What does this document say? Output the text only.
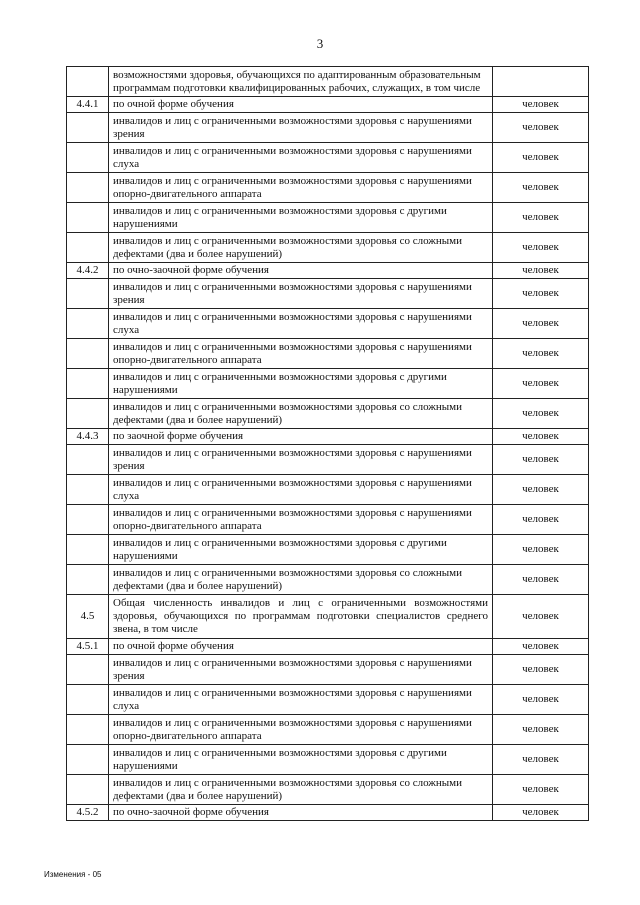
3
	возможностями здоровья, обучающихся по адаптированным образовательным программам подготовки квалифицированных рабочих, служащих, в том числе	
4.4.1	по очной форме обучения	человек
	инвалидов и лиц с ограниченными возможностями здоровья с нарушениями зрения	человек
	инвалидов и лиц с ограниченными возможностями здоровья с нарушениями слуха	человек
	инвалидов и лиц с ограниченными возможностями здоровья с нарушениями опорно-двигательного аппарата	человек
	инвалидов и лиц с ограниченными возможностями здоровья с другими нарушениями	человек
	инвалидов и лиц с ограниченными возможностями здоровья со сложными дефектами (два и более нарушений)	человек
4.4.2	по очно-заочной форме обучения	человек
	инвалидов и лиц с ограниченными возможностями здоровья с нарушениями зрения	человек
	инвалидов и лиц с ограниченными возможностями здоровья с нарушениями слуха	человек
	инвалидов и лиц с ограниченными возможностями здоровья с нарушениями опорно-двигательного аппарата	человек
	инвалидов и лиц с ограниченными возможностями здоровья с другими нарушениями	человек
	инвалидов и лиц с ограниченными возможностями здоровья со сложными дефектами (два и более нарушений)	человек
4.4.3	по заочной форме обучения	человек
	инвалидов и лиц с ограниченными возможностями здоровья с нарушениями зрения	человек
	инвалидов и лиц с ограниченными возможностями здоровья с нарушениями слуха	человек
	инвалидов и лиц с ограниченными возможностями здоровья с нарушениями опорно-двигательного аппарата	человек
	инвалидов и лиц с ограниченными возможностями здоровья с другими нарушениями	человек
	инвалидов и лиц с ограниченными возможностями здоровья со сложными дефектами (два и более нарушений)	человек
4.5	Общая численность инвалидов и лиц с ограниченными возможностями здоровья, обучающихся по программам подготовки специалистов среднего звена, в том числе	человек
4.5.1	по очной форме обучения	человек
	инвалидов и лиц с ограниченными возможностями здоровья с нарушениями зрения	человек
	инвалидов и лиц с ограниченными возможностями здоровья с нарушениями слуха	человек
	инвалидов и лиц с ограниченными возможностями здоровья с нарушениями опорно-двигательного аппарата	человек
	инвалидов и лиц с ограниченными возможностями здоровья с другими нарушениями	человек
	инвалидов и лиц с ограниченными возможностями здоровья со сложными дефектами (два и более нарушений)	человек
4.5.2	по очно-заочной форме обучения	человек
Изменения - 05
